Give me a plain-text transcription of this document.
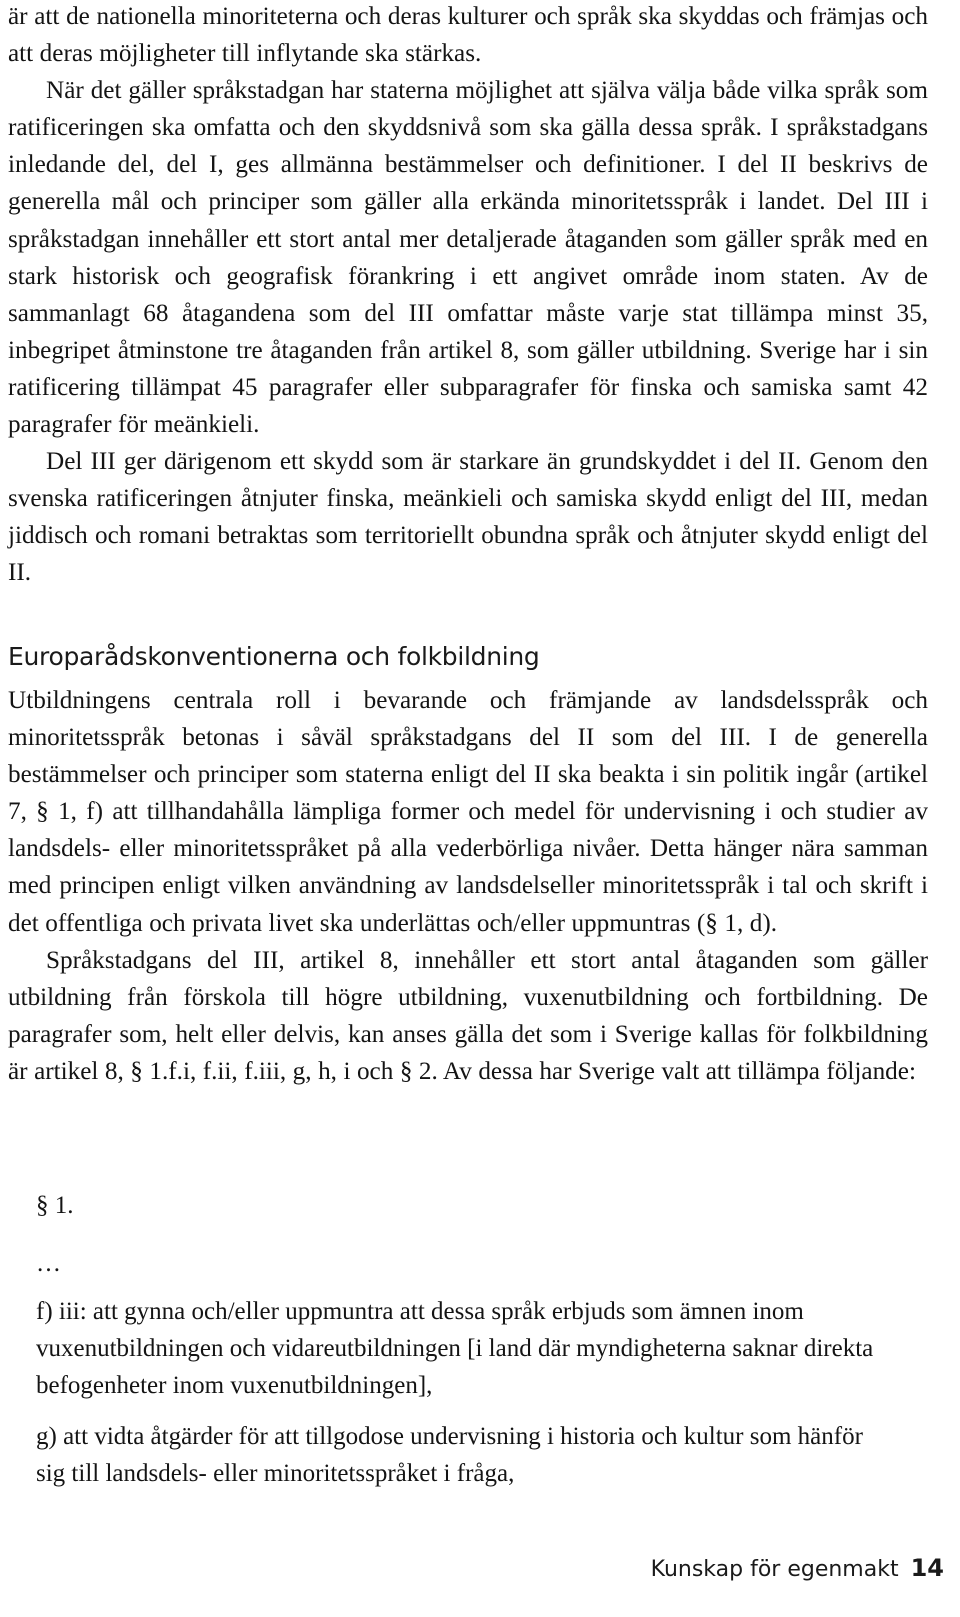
är att de nationella minoriteterna och deras kulturer och språk ska skyddas och främjas och att deras möjligheter till inflytande ska stärkas.

När det gäller språkstadgan har staterna möjlighet att själva välja både vilka språk som ratificeringen ska omfatta och den skyddsnivå som ska gälla dessa språk. I språkstadgans inledande del, del I, ges allmänna bestämmelser och definitioner. I del II beskrivs de generella mål och principer som gäller alla erkända minoritetsspråk i landet. Del III i språkstadgan innehåller ett stort antal mer detaljerade åtaganden som gäller språk med en stark historisk och geografisk förankring i ett angivet område inom staten. Av de sammanlagt 68 åtagandena som del III omfattar måste varje stat tillämpa minst 35, inbegripet åtminstone tre åtaganden från artikel 8, som gäller utbildning. Sverige har i sin ratificering tillämpat 45 paragrafer eller subparagrafer för finska och samiska samt 42 paragrafer för meänkieli.

Del III ger därigenom ett skydd som är starkare än grundskyddet i del II. Genom den svenska ratificeringen åtnjuter finska, meänkieli och samiska skydd enligt del III, medan jiddisch och romani betraktas som territoriellt obundna språk och åtnjuter skydd enligt del II.

Europarådskonventionerna och folkbildning

Utbildningens centrala roll i bevarande och främjande av landsdelsspråk och minoritetsspråk betonas i såväl språkstadgans del II som del III. I de generella bestämmelser och principer som staterna enligt del II ska beakta i sin politik ingår (artikel 7, § 1, f) att tillhandahålla lämpliga former och medel för undervisning i och studier av landsdels- eller minoritetsspråket på alla vederbörliga nivåer. Detta hänger nära samman med principen enligt vilken användning av landsdelseller minoritetsspråk i tal och skrift i det offentliga och privata livet ska underlättas och/eller uppmuntras (§ 1, d).

Språkstadgans del III, artikel 8, innehåller ett stort antal åtaganden som gäller utbildning från förskola till högre utbildning, vuxenutbildning och fortbildning. De paragrafer som, helt eller delvis, kan anses gälla det som i Sverige kallas för folkbildning är artikel 8, § 1.f.i, f.ii, f.iii, g, h, i och § 2. Av dessa har Sverige valt att tillämpa följande:

§ 1.

…

f) iii: att gynna och/eller uppmuntra att dessa språk erbjuds som ämnen inom vuxenutbildningen och vidareutbildningen [i land där myndigheterna saknar direkta befogenheter inom vuxenutbildningen],

g) att vidta åtgärder för att tillgodose undervisning i historia och kultur som hänför sig till landsdels- eller minoritetsspråket i fråga,

Kunskap för egenmakt 14
